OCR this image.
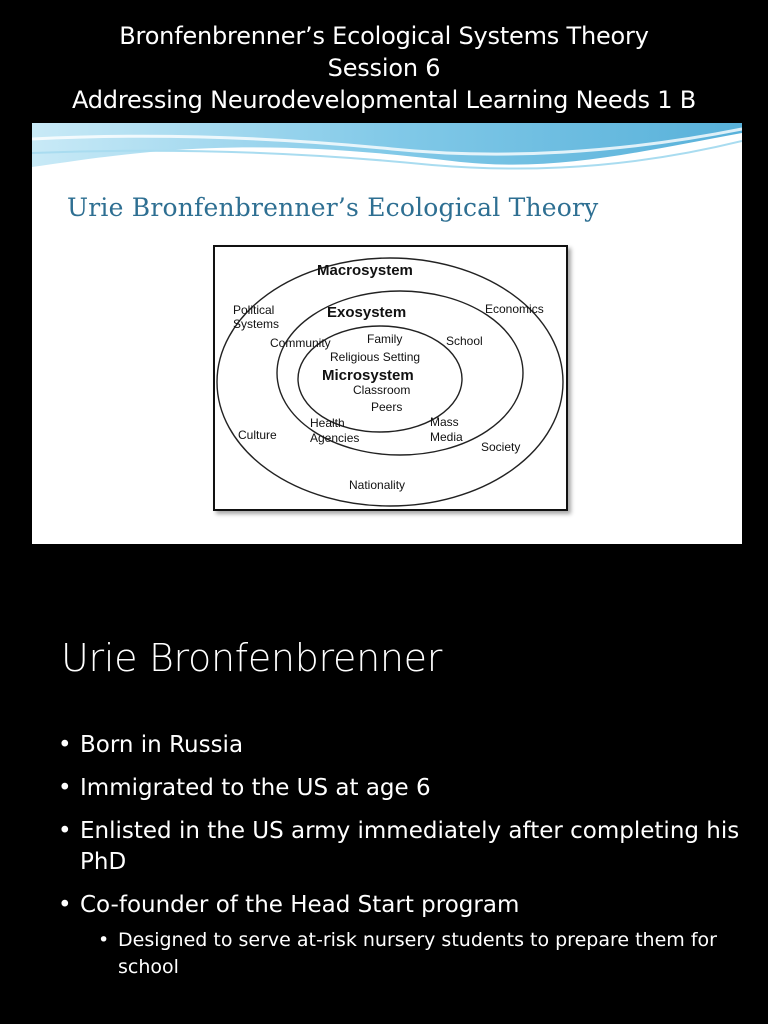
Bronfenbrenner’s Ecological Systems Theory
Session 6
Addressing Neurodevelopmental Learning Needs 1 B
Urie Bronfenbrenner’s Ecological Theory
Macrosystem
Exosystem
Microsystem
Political
Systems
Economics
Community	Family	School
Religious Setting
Classroom
Peers
Health
Agencies
Mass
Media
Culture
Society
Nationality
Urie Bronfenbrenner
• Born in Russia
• Immigrated to the US at age 6
• Enlisted in the US army immediately after completing his PhD
• Co-founder of the Head Start program
• Designed to serve at-risk nursery students to prepare them for school
